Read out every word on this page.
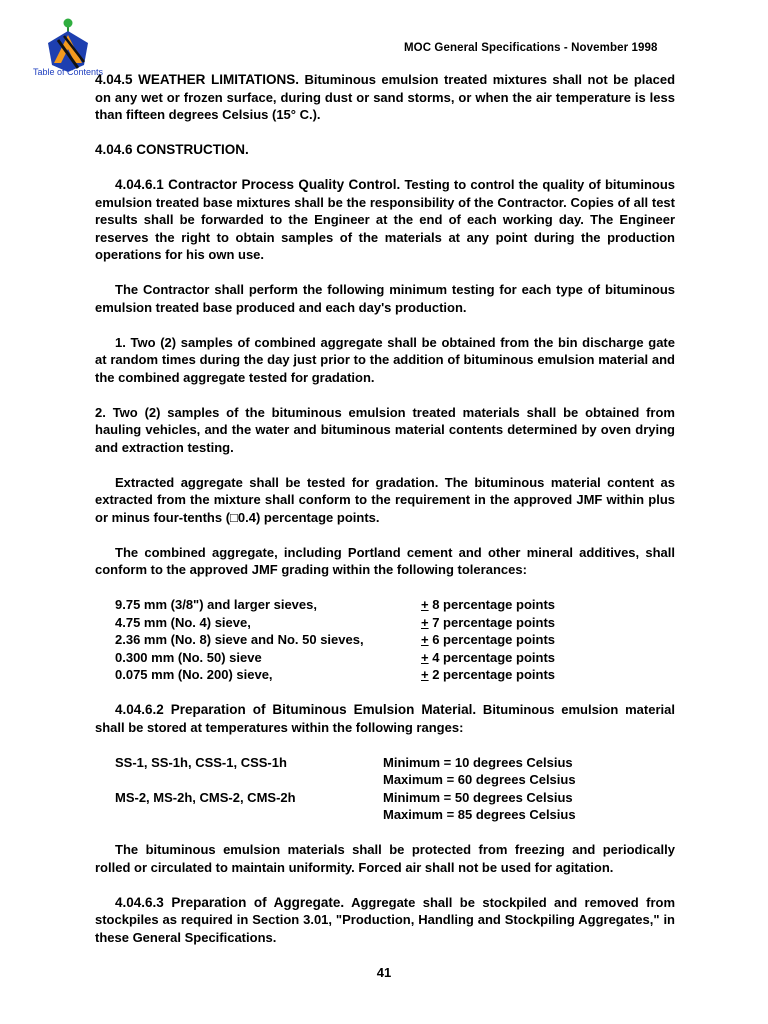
Table of Contents
MOC General Specifications - November 1998

4.04.5 WEATHER LIMITATIONS. Bituminous emulsion treated mixtures shall not be placed on any wet or frozen surface, during dust or sand storms, or when the air temperature is less than fifteen degrees Celsius (15° C.).

4.04.6 CONSTRUCTION.

4.04.6.1 Contractor Process Quality Control. Testing to control the quality of bituminous emulsion treated base mixtures shall be the responsibility of the Contractor. Copies of all test results shall be forwarded to the Engineer at the end of each working day. The Engineer reserves the right to obtain samples of the materials at any point during the production operations for his own use.

The Contractor shall perform the following minimum testing for each type of bituminous emulsion treated base produced and each day's production.

1. Two (2) samples of combined aggregate shall be obtained from the bin discharge gate at random times during the day just prior to the addition of bituminous emulsion material and the combined aggregate tested for gradation.

2. Two (2) samples of the bituminous emulsion treated materials shall be obtained from hauling vehicles, and the water and bituminous material contents determined by oven drying and extraction testing.

Extracted aggregate shall be tested for gradation. The bituminous material content as extracted from the mixture shall conform to the requirement in the approved JMF within plus or minus four-tenths (□0.4) percentage points.

The combined aggregate, including Portland cement and other mineral additives, shall conform to the approved JMF grading within the following tolerances:

9.75 mm (3/8") and larger sieves,	+ 8 percentage points
4.75 mm (No. 4) sieve,	+ 7 percentage points
2.36 mm (No. 8) sieve and No. 50 sieves,	+ 6 percentage points
0.300 mm (No. 50) sieve	+ 4 percentage points
0.075 mm (No. 200) sieve,	+ 2 percentage points

4.04.6.2 Preparation of Bituminous Emulsion Material. Bituminous emulsion material shall be stored at temperatures within the following ranges:

SS-1, SS-1h, CSS-1, CSS-1h	Minimum = 10 degrees Celsius
Maximum = 60 degrees Celsius
MS-2, MS-2h, CMS-2, CMS-2h	Minimum = 50 degrees Celsius
Maximum = 85 degrees Celsius

The bituminous emulsion materials shall be protected from freezing and periodically rolled or circulated to maintain uniformity. Forced air shall not be used for agitation.

4.04.6.3 Preparation of Aggregate. Aggregate shall be stockpiled and removed from stockpiles as required in Section 3.01, "Production, Handling and Stockpiling Aggregates," in these General Specifications.

41
